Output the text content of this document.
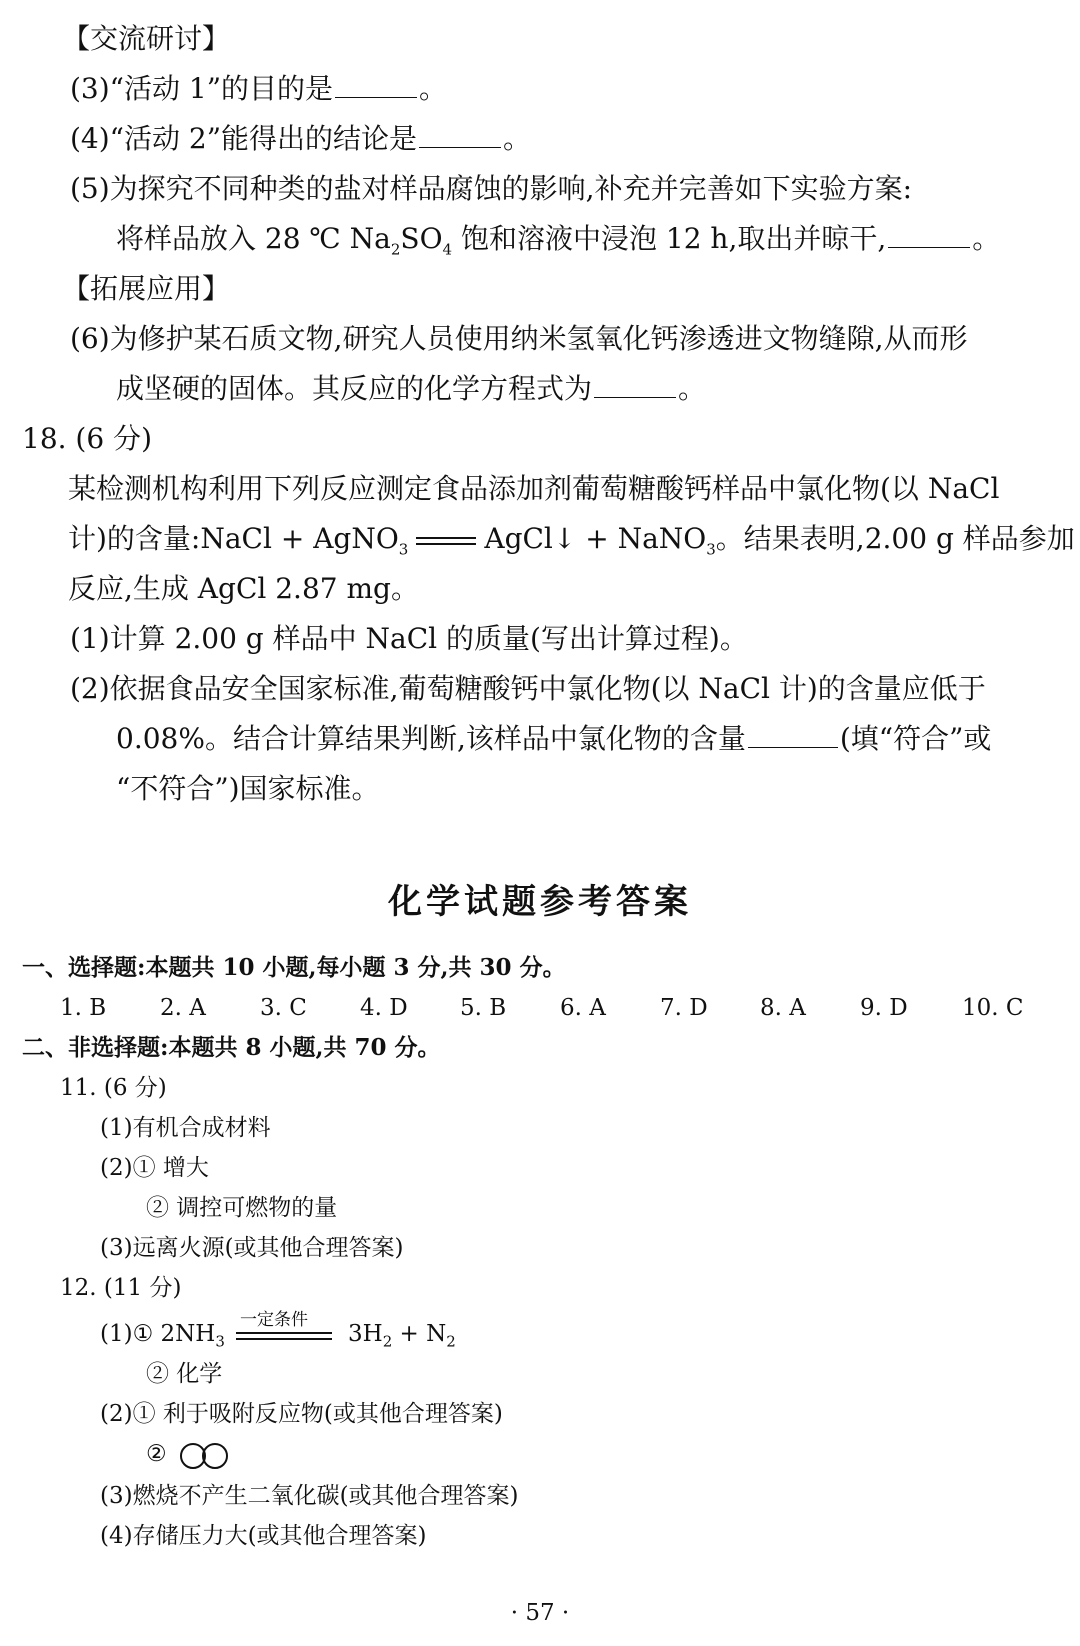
【交流研讨】
(3)“活动 1”的目的是	。
(4)“活动 2”能得出的结论是	。
(5)为探究不同种类的盐对样品腐蚀的影响,补充并完善如下实验方案:
将样品放入 28 ℃ $Na_2SO_4$ 饱和溶液中浸泡 12 h,取出并晾干,	。
【拓展应用】
(6)为修护某石质文物,研究人员使用纳米氢氧化钙渗透进文物缝隙,从而形
成坚硬的固体。其反应的化学方程式为	。
18. (6 分)
某检测机构利用下列反应测定食品添加剂葡萄糖酸钙样品中氯化物(以 NaCl
计)的含量:NaCl + AgNO$_3$	AgCl↓ + NaNO$_3$。结果表明,2.00 g 样品参加
反应,生成 AgCl 2.87 mg。
(1)计算 2.00 g 样品中 NaCl 的质量(写出计算过程)。
(2)依据食品安全国家标准,葡萄糖酸钙中氯化物(以 NaCl 计)的含量应低于
0.08%。结合计算结果判断,该样品中氯化物的含量	(填“符合”或
“不符合”)国家标准。
化学试题参考答案
一、选择题:本题共 10 小题,每小题 3 分,共 30 分。
1. B 2. A 3. C 4. D 5. B 6. A 7. D 8. A 9. D 10. C
二、非选择题:本题共 8 小题,共 70 分。
11. (6 分)
(1)有机合成材料
(2)① 增大
② 调控可燃物的量
(3)远离火源(或其他合理答案)
12. (11 分)
一定条件
(1)① $2NH_3$	$3H_2 + N_2$
② 化学
(2)① 利于吸附反应物(或其他合理答案)
②
(3)燃烧不产生二氧化碳(或其他合理答案)
(4)存储压力大(或其他合理答案)
· 57 ·
